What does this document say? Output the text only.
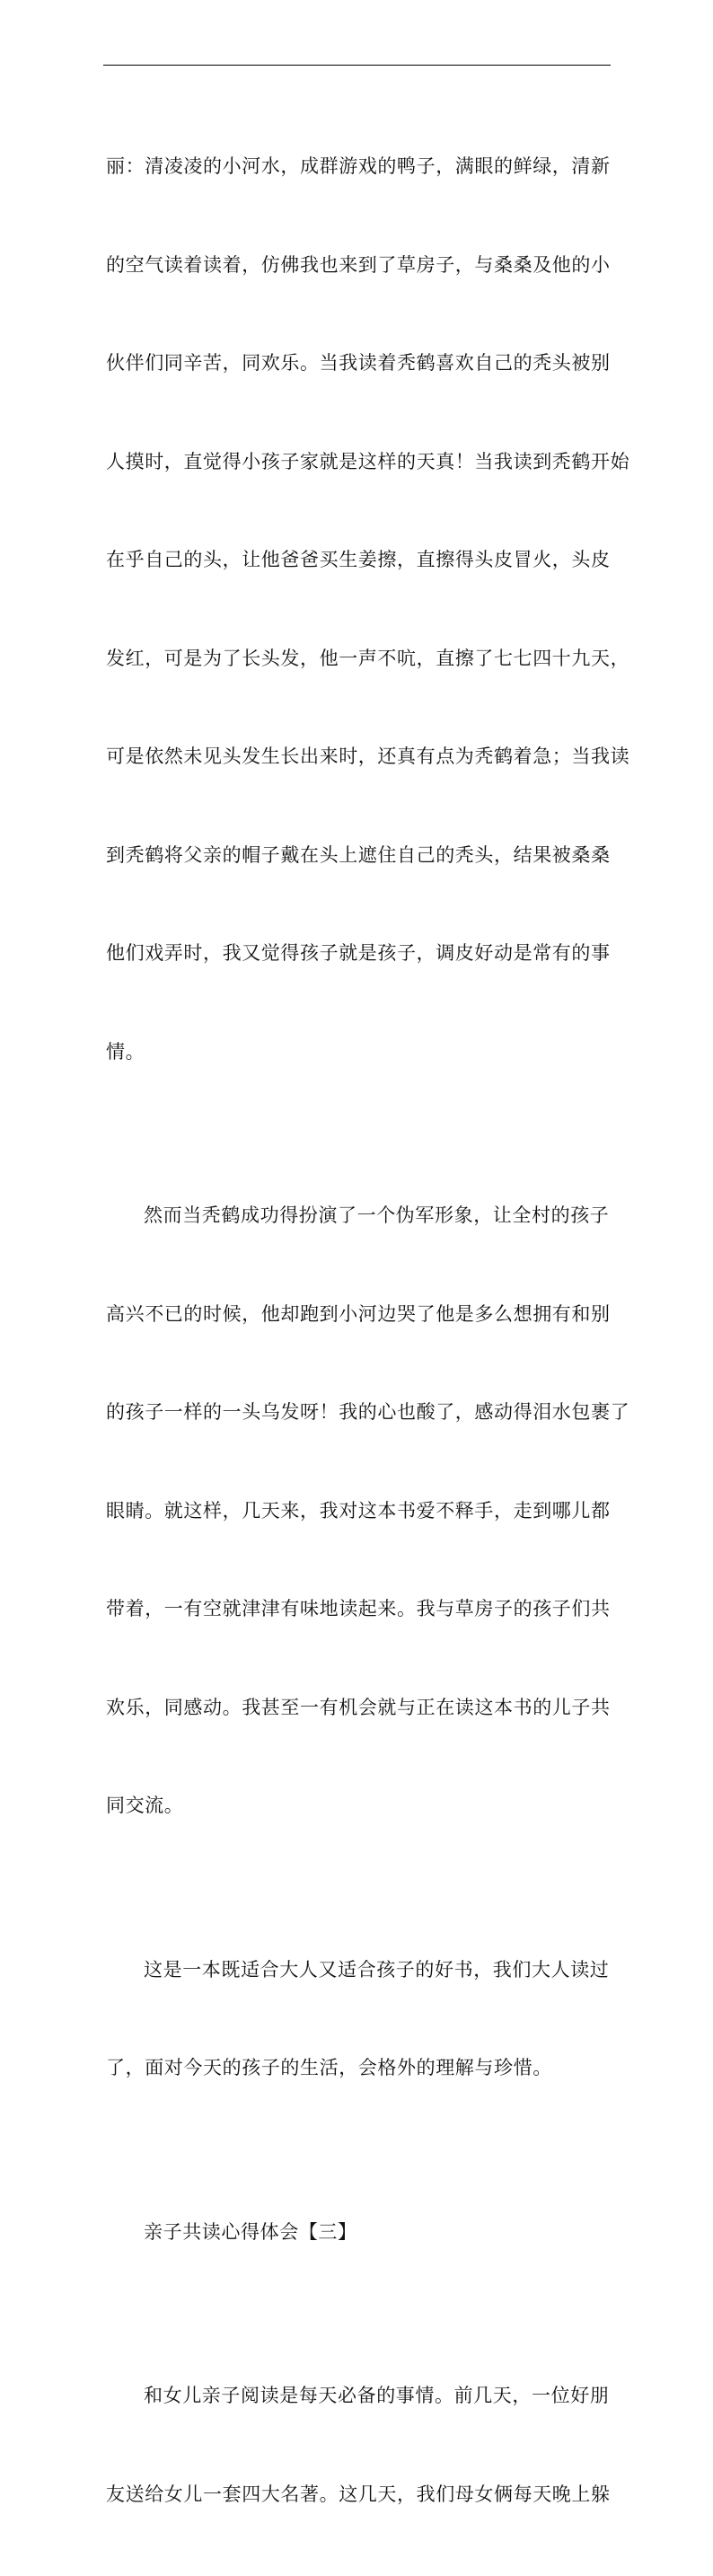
丽：清凌凌的小河水，成群游戏的鸭子，满眼的鲜绿，清新

的空气读着读着，仿佛我也来到了草房子，与桑桑及他的小

伙伴们同辛苦，同欢乐。当我读着秃鹤喜欢自己的秃头被别

人摸时，直觉得小孩子家就是这样的天真！当我读到秃鹤开始

在乎自己的头，让他爸爸买生姜擦，直擦得头皮冒火，头皮

发红，可是为了长头发，他一声不吭，直擦了七七四十九天，

可是依然未见头发生长出来时，还真有点为秃鹤着急；当我读

到秃鹤将父亲的帽子戴在头上遮住自己的秃头，结果被桑桑

他们戏弄时，我又觉得孩子就是孩子，调皮好动是常有的事

情。

然而当秃鹤成功得扮演了一个伪军形象，让全村的孩子

高兴不已的时候，他却跑到小河边哭了他是多么想拥有和别

的孩子一样的一头乌发呀！我的心也酸了，感动得泪水包裹了

眼睛。就这样，几天来，我对这本书爱不释手，走到哪儿都

带着，一有空就津津有味地读起来。我与草房子的孩子们共

欢乐，同感动。我甚至一有机会就与正在读这本书的儿子共

同交流。

这是一本既适合大人又适合孩子的好书，我们大人读过

了，面对今天的孩子的生活，会格外的理解与珍惜。

亲子共读心得体会【三】

和女儿亲子阅读是每天必备的事情。前几天，一位好朋

友送给女儿一套四大名著。这几天，我们母女俩每天晚上躲
